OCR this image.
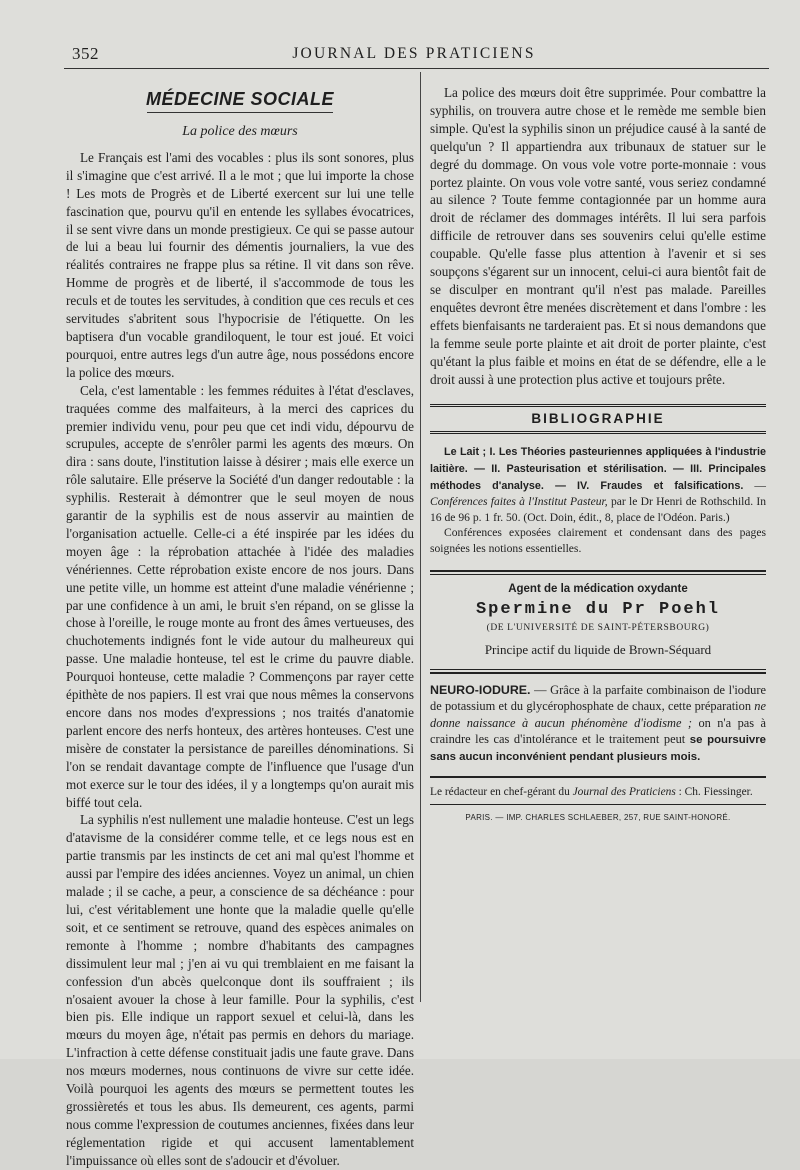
352	JOURNAL DES PRATICIENS
MÉDECINE SOCIALE
La police des mœurs

Le Français est l'ami des vocables : plus ils sont sonores, plus il s'imagine que c'est arrivé. Il a le mot ; que lui importe la chose ! Les mots de Progrès et de Liberté exercent sur lui une telle fascination que, pourvu qu'il en entende les syllabes évocatrices, il se sent vivre dans un monde prestigieux. Ce qui se passe autour de lui a beau lui fournir des démentis journaliers, la vue des réalités contraires ne frappe plus sa rétine. Il vit dans son rêve. Homme de progrès et de liberté, il s'accommode de tous les reculs et de toutes les servitudes, à condition que ces reculs et ces servitudes s'abritent sous l'hypocrisie de l'étiquette. On les baptisera d'un vocable grandiloquent, le tour est joué. Et voici pourquoi, entre autres legs d'un autre âge, nous possédons encore la police des mœurs.

Cela, c'est lamentable : les femmes réduites à l'état d'esclaves, traquées comme des malfaiteurs, à la merci des caprices du premier individu venu, pour peu que cet indi vidu, dépourvu de scrupules, accepte de s'enrôler parmi les agents des mœurs. On dira : sans doute, l'institution laisse à désirer ; mais elle exerce un rôle salutaire. Elle préserve la Société d'un danger redoutable : la syphilis. Resterait à démontrer que le seul moyen de nous garantir de la syphilis est de nous asservir au maintien de l'organisation actuelle. Celle-ci a été inspirée par les idées du moyen âge : la réprobation attachée à l'idée des maladies vénériennes. Cette réprobation existe encore de nos jours. Dans une petite ville, un homme est atteint d'une maladie vénérienne ; par une confidence à un ami, le bruit s'en répand, on se glisse la chose à l'oreille, le rouge monte au front des âmes vertueuses, des chuchotements indignés font le vide autour du malheureux qui passe. Une maladie honteuse, tel est le crime du pauvre diable. Pourquoi honteuse, cette maladie ? Commençons par rayer cette épithète de nos papiers. Il est vrai que nous mêmes la conservons encore dans nos modes d'expressions ; nos traités d'anatomie parlent encore des nerfs honteux, des artères honteuses. C'est une misère de constater la persistance de pareilles dénominations. Si l'on se rendait davantage compte de l'influence que l'usage d'un mot exerce sur le tour des idées, il y a longtemps qu'on aurait mis biffé tout cela.

La syphilis n'est nullement une maladie honteuse. C'est un legs d'atavisme de la considérer comme telle, et ce legs nous est en partie transmis par les instincts de cet ani mal qu'est l'homme et aussi par l'empire des idées anciennes. Voyez un animal, un chien malade ; il se cache, a peur, a conscience de sa déchéance : pour lui, c'est véritablement une honte que la maladie quelle qu'elle soit, et ce sentiment se retrouve, quand des espèces animales on remonte à l'homme ; nombre d'habitants des campagnes dissimulent leur mal ; j'en ai vu qui tremblaient en me faisant la confession d'un abcès quelconque dont ils souffraient ; ils n'osaient avouer la chose à leur famille. Pour la syphilis, c'est bien pis. Elle indique un rapport sexuel et celui-là, dans les mœurs du moyen âge, n'était pas permis en dehors du mariage. L'infraction à cette défense constituait jadis une faute grave. Dans nos mœurs modernes, nous continuons de vivre sur cette idée. Voilà pourquoi les agents des mœurs se permettent toutes les grossièretés et tous les abus. Ils demeurent, ces agents, parmi nous comme l'expression de coutumes anciennes, fixées dans leur réglementation rigide et qui accusent lamentablement l'impuissance où elles sont de s'adoucir et d'évoluer.

La police des mœurs doit être supprimée. Pour combattre la syphilis, on trouvera autre chose et le remède me semble bien simple. Qu'est la syphilis sinon un préjudice causé à la santé de quelqu'un ? Il appartiendra aux tribunaux de statuer sur le degré du dommage. On vous vole votre porte-monnaie : vous portez plainte. On vous vole votre santé, vous seriez condamné au silence ? Toute femme contagionnée par un homme aura droit de réclamer des dommages intérêts. Il lui sera parfois difficile de retrouver dans ses souvenirs celui qu'elle estime coupable. Qu'elle fasse plus attention à l'avenir et si ses soupçons s'égarent sur un innocent, celui-ci aura bientôt fait de se disculper en montrant qu'il n'est pas malade. Pareilles enquêtes devront être menées discrètement et dans l'ombre : les effets bienfaisants ne tarderaient pas. Et si nous demandons que la femme seule porte plainte et ait droit de porter plainte, c'est qu'étant la plus faible et moins en état de se défendre, elle a le droit aussi à une protection plus active et toujours prête.

BIBLIOGRAPHIE

Le Lait ; I. Les Théories pasteuriennes appliquées à l'industrie laitière. — II. Pasteurisation et stérilisation. — III. Principales méthodes d'analyse. — IV. Fraudes et falsifications. — Conférences faites à l'Institut Pasteur, par le Dr Henri de Rothschild. In 16 de 96 p. 1 fr. 50. (Oct. Doin, édit., 8, place de l'Odéon. Paris.)

Conférences exposées clairement et condensant dans des pages soignées les notions essentielles.

Agent de la médication oxydante
Spermine du Pr Poehl
(DE L'UNIVERSITÉ DE SAINT-PÉTERSBOURG)
Principe actif du liquide de Brown-Séquard
NEURO-IODURE. — Grâce à la parfaite combinaison de l'iodure de potassium et du glycérophosphate de chaux, cette préparation ne donne naissance à aucun phénomène d'iodisme ; on n'a pas à craindre les cas d'intolérance et le traitement peut se poursuivre sans aucun inconvénient pendant plusieurs mois.
Le rédacteur en chef-gérant du Journal des Praticiens : Ch. Fiessinger.
PARIS. — IMP. CHARLES SCHLAEBER, 257, RUE SAINT-HONORÉ.
